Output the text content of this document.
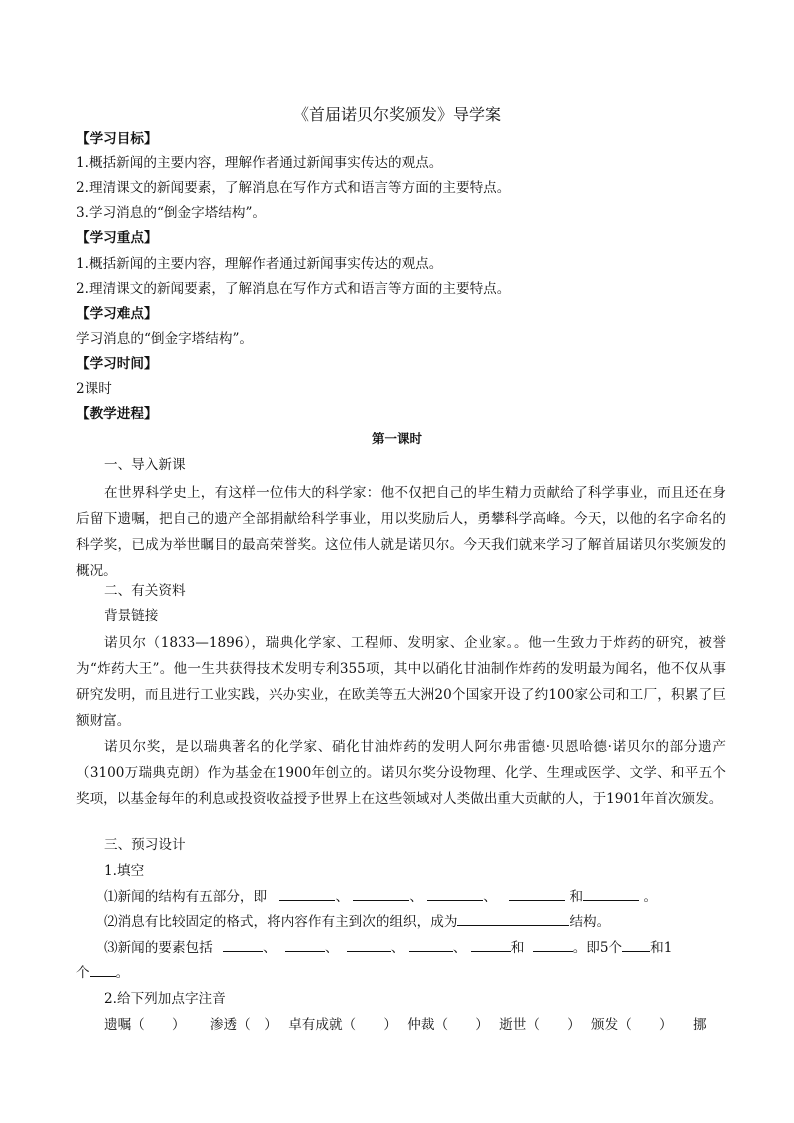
《首届诺贝尔奖颁发》导学案
【学习目标】
1.概括新闻的主要内容，理解作者通过新闻事实传达的观点。
2.理清课文的新闻要素，了解消息在写作方式和语言等方面的主要特点。
3.学习消息的“倒金字塔结构”。
【学习重点】
1.概括新闻的主要内容，理解作者通过新闻事实传达的观点。
2.理清课文的新闻要素，了解消息在写作方式和语言等方面的主要特点。
【学习难点】
学习消息的“倒金字塔结构”。
【学习时间】
2课时
【教学进程】
第一课时
一、导入新课
在世界科学史上，有这样一位伟大的科学家：他不仅把自己的毕生精力贡献给了科学事业，而且还在身后留下遗嘱，把自己的遗产全部捐献给科学事业，用以奖励后人，勇攀科学高峰。今天，以他的名字命名的科学奖，已成为举世瞩目的最高荣誉奖。这位伟人就是诺贝尔。今天我们就来学习了解首届诺贝尔奖颁发的概况。
二、有关资料
背景链接
诺贝尔（1833—1896），瑞典化学家、工程师、发明家、企业家。。他一生致力于炸药的研究，被誉为“炸药大王”。他一生共获得技术发明专利355项，其中以硝化甘油制作炸药的发明最为闻名，他不仅从事研究发明，而且进行工业实践，兴办实业，在欧美等五大洲20个国家开设了约100家公司和工厂，积累了巨额财富。
诺贝尔奖，是以瑞典著名的化学家、硝化甘油炸药的发明人阿尔弗雷德·贝恩哈德·诺贝尔的部分遗产（3100万瑞典克朗）作为基金在1900年创立的。诺贝尔奖分设物理、化学、生理或医学、文学、和平五个奖项，以基金每年的利息或投资收益授予世界上在这些领域对人类做出重大贡献的人，于1901年首次颁发。
三、预习设计
1.填空
⑴新闻的结构有五部分，即	、	、	、	和	。
⑵消息有比较固定的格式，将内容作有主到次的组织，成为	结构。
⑶新闻的要素包括	、	、	、	、	和	。即5个 和1
个 。
2.给下列加点字注音
遗嘱（　　） 渗透（　） 卓有成就（　　） 仲裁（　　） 逝世（　　） 颁发（　　） 挪
